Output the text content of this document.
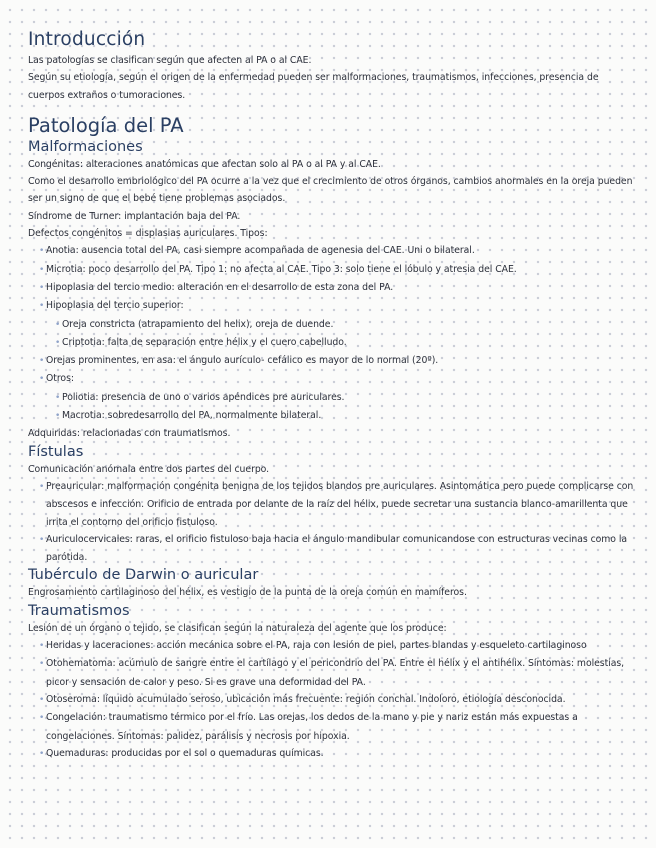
Introducción

Las patologías se clasifican según que afecten al PA o al CAE.

Según su etiología, según el origen de la enfermedad pueden ser malformaciones, traumatismos, infecciones, presencia de cuerpos extraños o tumoraciones.

Patología del PA
Malformaciones

Congénitas: alteraciones anatómicas que afectan solo al PA o al PA y al CAE.

Como el desarrollo embriológico del PA ocurre a la vez que el crecimiento de otros órganos, cambios anormales en la oreja pueden ser un signo de que el bebé tiene problemas asociados.

Síndrome de Turner: implantación baja del PA.

Defectos congénitos = displasias auriculares. Tipos:

• Anotia: ausencia total del PA, casi siempre acompañada de agenesia del CAE. Uni o bilateral.
• Microtia: poco desarrollo del PA. Tipo 1: no afecta al CAE. Tipo 3: solo tiene el lóbulo y atresia del CAE.
• Hipoplasia del tercio medio: alteración en el desarrollo de esta zona del PA.
• Hipoplasia del tercio superior:
• Oreja constricta (atrapamiento del helix), oreja de duende.
• Criptotia: falta de separación entre hélix y el cuero cabelludo.
• Orejas prominentes, en asa: el ángulo aurículo- cefálico es mayor de lo normal (20º).
• Otros:
• Poliotia: presencia de uno o varios apéndices pre auriculares.
• Macrotia: sobredesarrollo del PA, normalmente bilateral.

Adquiridas: relacionadas con traumatismos.

Fístulas

Comunicación anómala entre dos partes del cuerpo.

• Preauricular: malformación congénita benigna de los tejidos blandos pre auriculares. Asintomática pero puede complicarse con abscesos e infección. Orificio de entrada por delante de la raíz del hélix, puede secretar una sustancia blanco-amarillenta que irrita el contorno del orificio fistuloso.
• Auriculocervicales: raras, el orificio fistuloso baja hacia el ángulo mandibular comunicandose con estructuras vecinas como la parótida.
Tubérculo de Darwin o auricular

Engrosamiento cartilaginoso del hélix, es vestigio de la punta de la oreja común en mamíferos.

Traumatismos

Lesión de un órgano o tejido, se clasifican según la naturaleza del agente que los produce:

• Heridas y laceraciones: acción mecánica sobre el PA, raja con lesión de piel, partes blandas y esqueleto cartilaginoso
• Otohematoma: acúmulo de sangre entre el cartílago y el pericondrio del PA. Entre el hélix y el antihélix. Síntomas: molestias, picor y sensación de calor y peso. Si es grave una deformidad del PA.
• Otoseroma: líquido acumulado seroso, ubicación más frecuente: región conchal. Indoloro, etiología desconocida.
• Congelación: traumatismo térmico por el frío. Las orejas, los dedos de la mano y pie y nariz están más expuestas a congelaciones. Síntomas: palidez, parálisis y necrosis por hipoxia.
• Quemaduras: producidas por el sol o quemaduras químicas.
